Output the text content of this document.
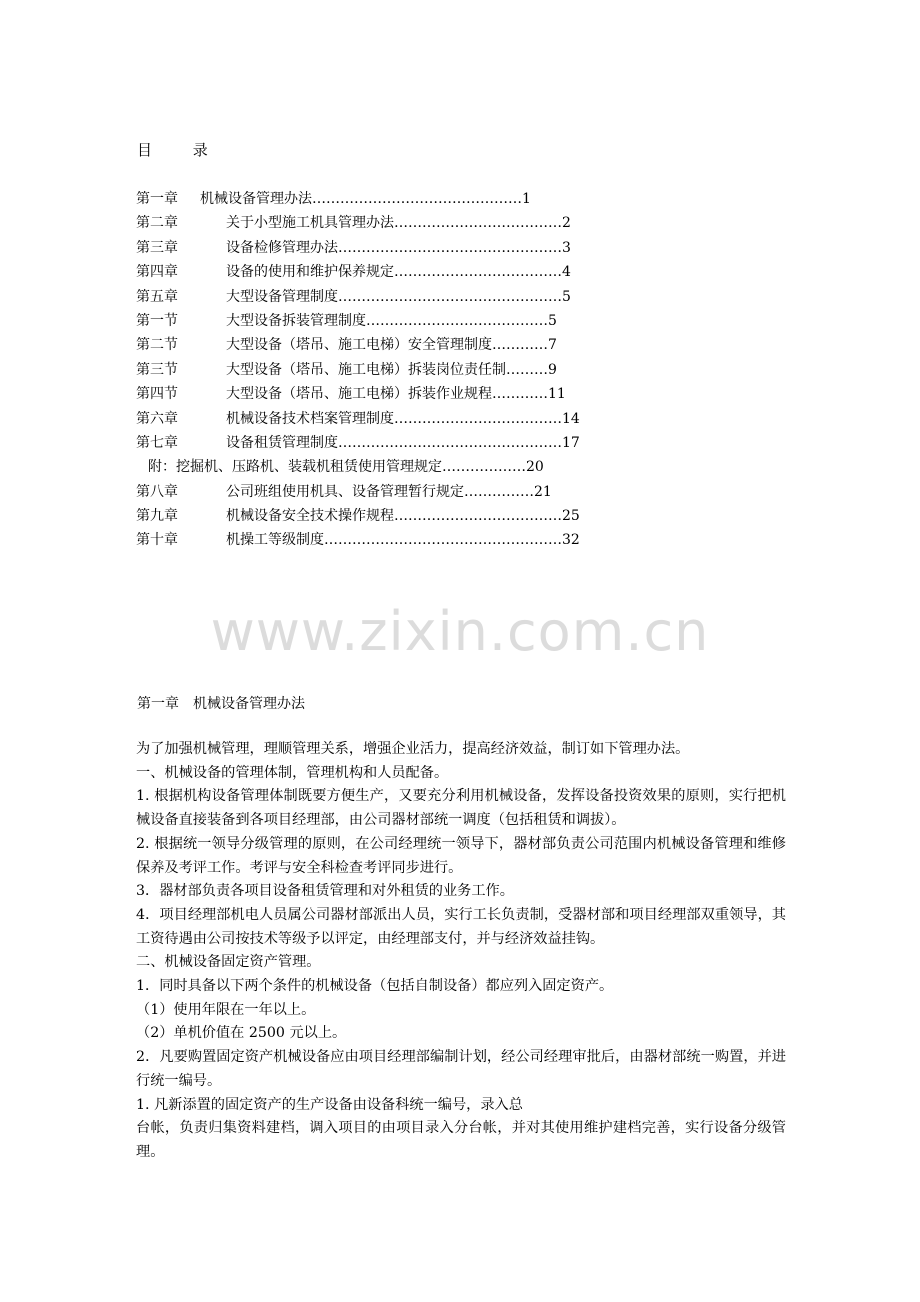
目 录
第一章 机械设备管理办法………………………………………1
第二章	关于小型施工机具管理办法………………………………2
第三章	设备检修管理办法…………………………………………3
第四章	设备的使用和维护保养规定………………………………4
第五章	大型设备管理制度…………………………………………5
第一节	大型设备拆装管理制度…………………………………5
第二节	大型设备（塔吊、施工电梯）安全管理制度…………7
第三节	大型设备（塔吊、施工电梯）拆装岗位责任制………9
第四节	大型设备（塔吊、施工电梯）拆装作业规程…………11
第六章	机械设备技术档案管理制度………………………………14
第七章	设备租赁管理制度…………………………………………17
附：挖掘机、压路机、装载机租赁使用管理规定………………20
第八章	公司班组使用机具、设备管理暂行规定……………21
第九章	机械设备安全技术操作规程………………………………25
第十章	机操工等级制度……………………………………………32
www.zixin.com.cn
第一章 机械设备管理办法

为了加强机械管理，理顺管理关系，增强企业活力，提高经济效益，制订如下管理办法。

一、机械设备的管理体制，管理机构和人员配备。

1. 根据机构设备管理体制既要方便生产，又要充分利用机械设备，发挥设备投资效果的原则，实行把机械设备直接装备到各项目经理部，由公司器材部统一调度（包括租赁和调拔）。

2. 根据统一领导分级管理的原则，在公司经理统一领导下，器材部负责公司范围内机械设备管理和维修保养及考评工作。考评与安全科检查考评同步进行。

3．器材部负责各项目设备租赁管理和对外租赁的业务工作。

4．项目经理部机电人员属公司器材部派出人员，实行工长负责制，受器材部和项目经理部双重领导，其工资待遇由公司按技术等级予以评定，由经理部支付，并与经济效益挂钩。

二、机械设备固定资产管理。

1．同时具备以下两个条件的机械设备（包括自制设备）都应列入固定资产。

（1）使用年限在一年以上。

（2）单机价值在 2500 元以上。

2．凡要购置固定资产机械设备应由项目经理部编制计划，经公司经理审批后，由器材部统一购置，并进行统一编号。

1. 凡新添置的固定资产的生产设备由设备科统一编号，录入总

台帐，负责归集资料建档，调入项目的由项目录入分台帐，并对其使用维护建档完善，实行设备分级管理。
